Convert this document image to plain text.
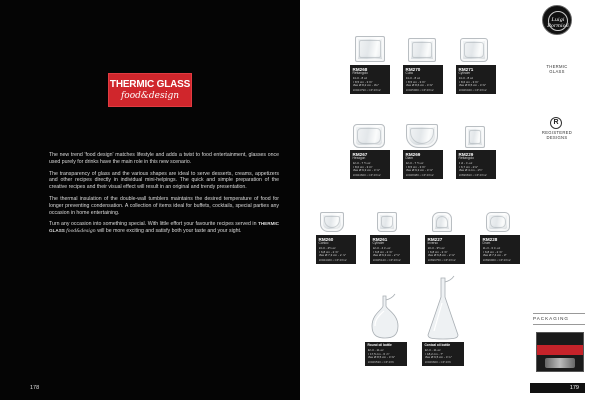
THERMIC GLASS
food&design

The new trend 'food design' matches lifestyle and adds a twist to food entertainment, glasses once used purely for drinks have the main role in this new scenario.

The transparency of glass and the various shapes are ideal to serve desserts, creams, appetizers and other recipes directly in individual mini-helpings. The quick and simple preparation of the creative recipes and their visual effect will result in an original and trendy presentation.

The thermal insulation of the double-wall tumblers maintains the desired temperature of food for longer preventing condensation. A collection of items ideal for buffets, cocktails, special parties any occasion in home entertaining.

Turn any occasion into something special. With little effort your favourite recipes served in THERMIC GLASS food&design will be more exciting and satisfy both your taste and your sight.

178
Luigi Bormioli
THERMIC
GLASS
R
REGISTERED
DESIGNS
PACKAGING
179
RM268
Rettangolo
24 cl - 8 oz
h 8,5 cm - 3 ⅜"
Max Ø 8,2 cm - 3¼"
10024790 • CP 2X12
RM270
Cubo
24 cl - 8 oz
h 8,5 cm - 3 ⅜"
Max Ø 8,6 cm - 3 ⅜"
10025960 • CP 2X12
RM271
Cylinder
24 cl - 8 oz
h 8,6 cm - 3 ⅜"
Max Ø 8,5 cm - 3 ⅜"
10026040 • CP 2X12
RM267
Hexagon
22 cl - 7 ½ oz
h 8,0 cm - 3 ⅛"
Max Ø 9,3 cm - 3 ⅝"
10024600 • CP 2X12
RM269
Diam
22 cl - 7 ½ oz
h 8,5 cm - 3 ⅜"
Max Ø 9,3 cm - 3 ⅝"
10028480 • CP 2X12
RM229
Rettangolo
2 cl - ¾ oz
h 6,7 cm - 2⅝"
Max Ø 4 cm - 1½"
10699810 • CP 2X12
RM260
Conico
13 cl - 4½ oz
h 6,8 cm - 2 ⅝"
Max Ø 7,3 cm - 2 ⅞"
10024460 • CP 2X12
RM261
Cylinder
12 cl - 4 ¼ oz
h 6,8 cm - 2 ⅝"
Max Ø 6,3 cm - 2 ½"
10025120 • CP 2X12
RM227
Inverso
10 cl - 3½ oz
h 6,8 cm - 2 ⅝"
Max Ø 6,8 cm - 2 ⅝"
10699750 • CP 2X12
RM228
Drum
11 cl - 3 ¾ oz
h 6,8 cm - 2 ⅝"
Max Ø 7,4 cm - 3"
10699960 • CP 2X12
Round oil bottle
32 cl - 11 oz
h 17,5 cm - 6 ⅞"
Max Ø 8,5 cm - 3 ⅜"
10029530 • CP 2X6
Conical oil bottle
32 cl - 11 oz
h 18,2 cm - 7"
Max Ø 9,5 cm - 3 ¾"
10029600 • CP 2X6
